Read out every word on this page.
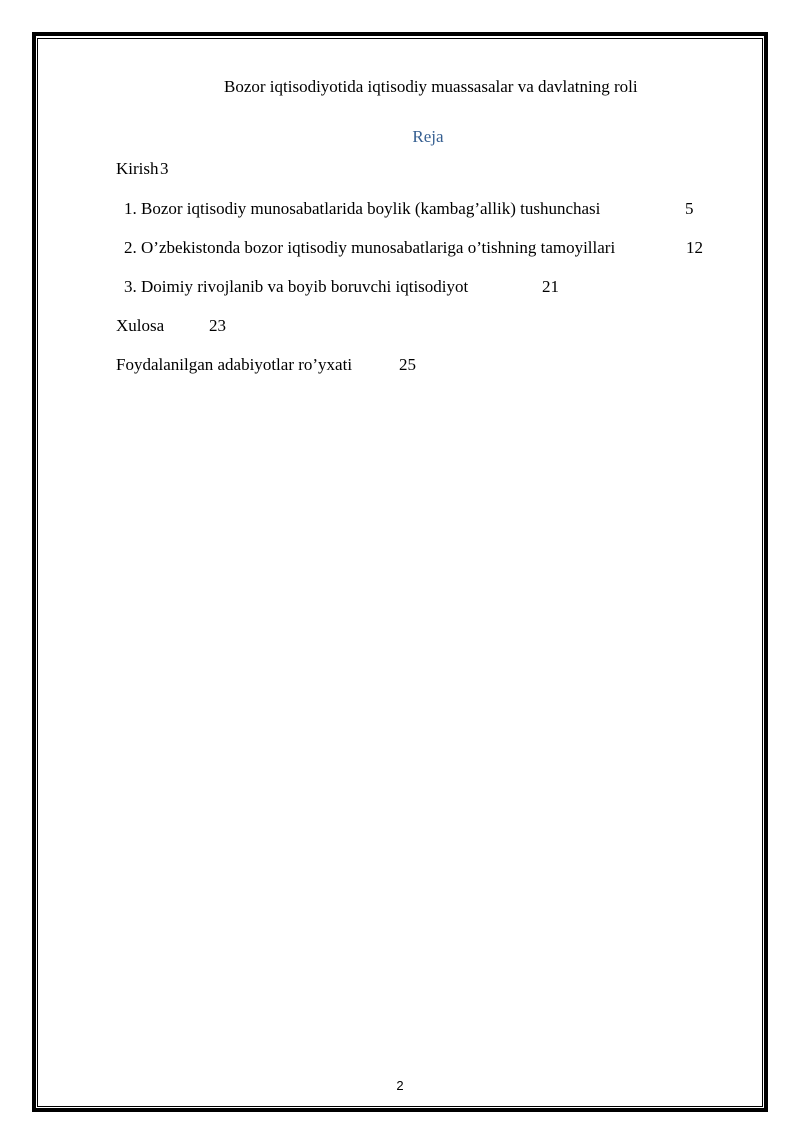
Bozor iqtisodiyotida iqtisodiy muassasalar va davlatning roli
Reja
Kirish 3
1. Bozor iqtisodiy munosabatlarida boylik (kambag’allik) tushunchasi	5
2. O’zbekistonda bozor iqtisodiy munosabatlariga o’tishning tamoyillari	12
3. Doimiy rivojlanib va boyib boruvchi iqtisodiyot	21
Xulosa	23
Foydalanilgan adabiyotlar ro’yxati	25
2
